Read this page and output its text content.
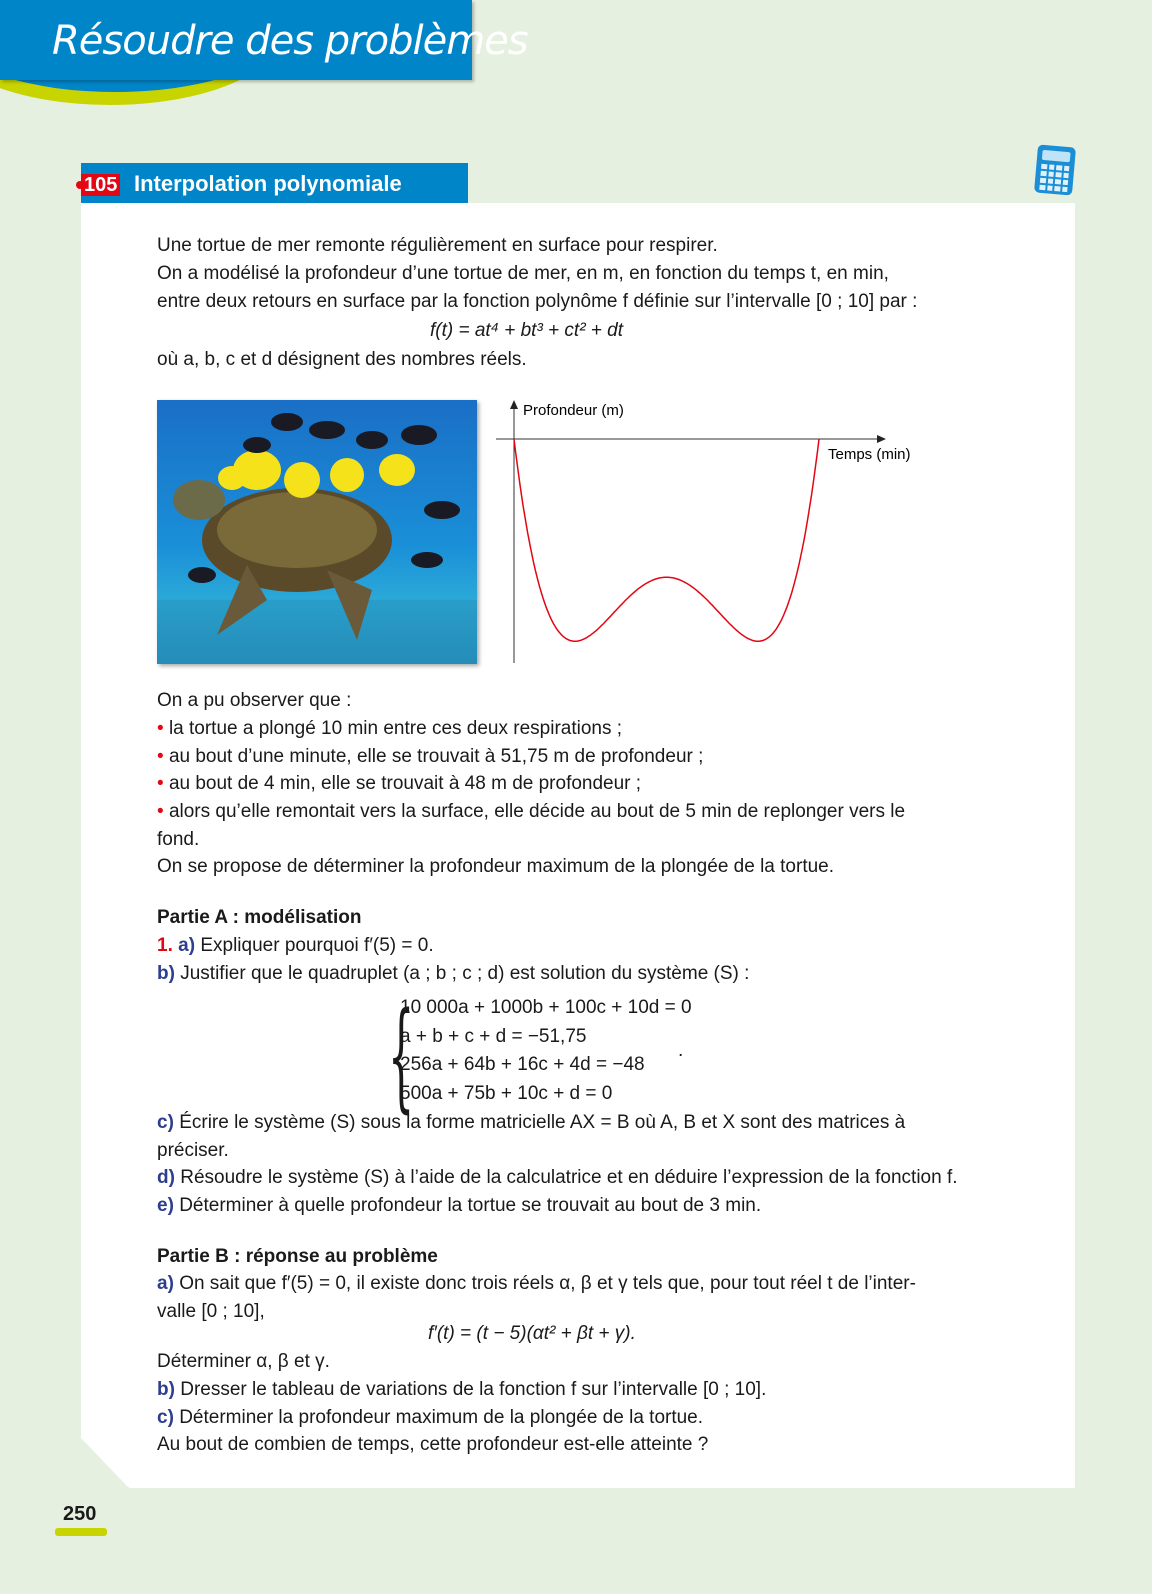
Résoudre des problèmes
105 Interpolation polynomiale
Une tortue de mer remonte régulièrement en surface pour respirer.
On a modélisé la profondeur d’une tortue de mer, en m, en fonction du temps t, en min,
entre deux retours en surface par la fonction polynôme f définie sur l’intervalle [0 ; 10] par :
f(t) = at⁴ + bt³ + ct² + dt
où a, b, c et d désignent des nombres réels.
Profondeur (m)
Temps (min)
On a pu observer que :
• la tortue a plongé 10 min entre ces deux respirations ;
• au bout d’une minute, elle se trouvait à 51,75 m de profondeur ;
• au bout de 4 min, elle se trouvait à 48 m de profondeur ;
• alors qu’elle remontait vers la surface, elle décide au bout de 5 min de replonger vers le
fond.
On se propose de déterminer la profondeur maximum de la plongée de la tortue.
Partie A : modélisation
1. a) Expliquer pourquoi f′(5) = 0.
b) Justifier que le quadruplet (a ; b ; c ; d) est solution du système (S) :
{
10 000a + 1000b + 100c + 10d = 0
a + b + c + d = −51,75
256a + 64b + 16c + 4d = −48
500a + 75b + 10c + d = 0
.
c) Écrire le système (S) sous la forme matricielle AX = B où A, B et X sont des matrices à
préciser.
d) Résoudre le système (S) à l’aide de la calculatrice et en déduire l’expression de la fonction f.
e) Déterminer à quelle profondeur la tortue se trouvait au bout de 3 min.
Partie B : réponse au problème
a) On sait que f′(5) = 0, il existe donc trois réels α, β et γ tels que, pour tout réel t de l’inter-
valle [0 ; 10],
f′(t) = (t − 5)(αt² + βt + γ).
Déterminer α, β et γ.
b) Dresser le tableau de variations de la fonction f sur l’intervalle [0 ; 10].
c) Déterminer la profondeur maximum de la plongée de la tortue.
Au bout de combien de temps, cette profondeur est-elle atteinte ?
250
